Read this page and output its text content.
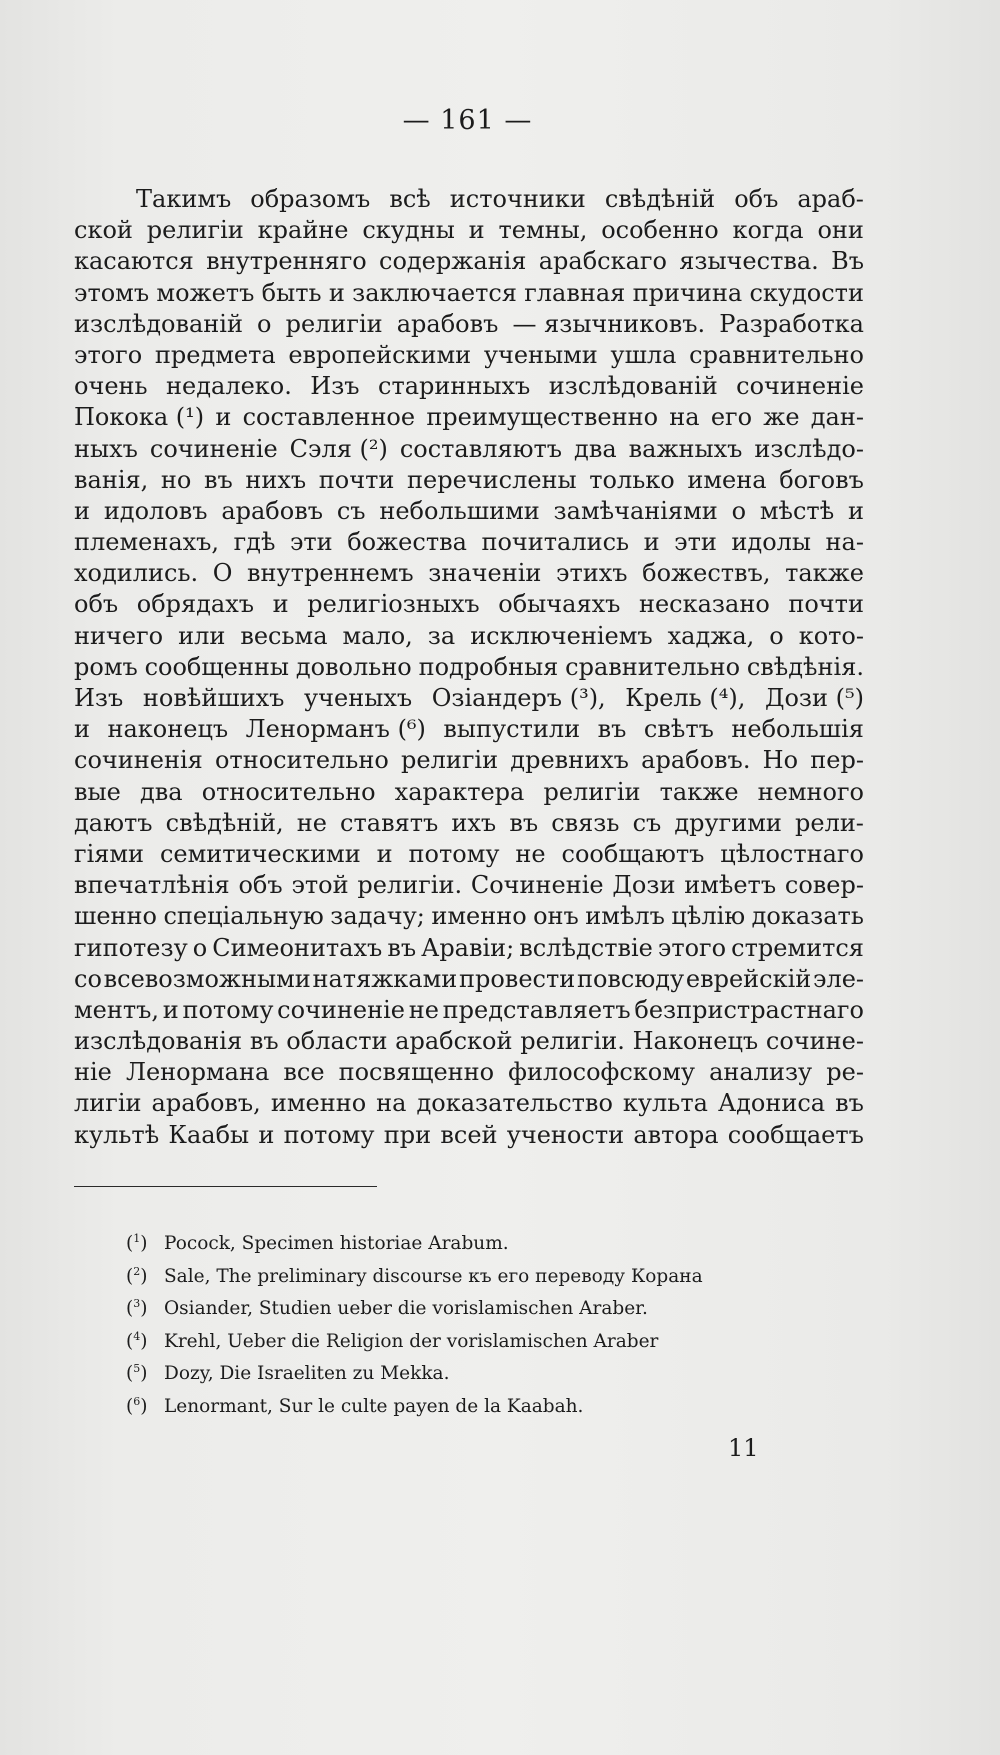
— 161 —
Такимъ образомъ всѣ источники свѣдѣній объ араб-
ской религіи крайне скудны и темны, особенно когда они
касаются внутренняго содержанія арабскаго язычества. Въ
этомъ можетъ быть и заключается главная причина скудости
изслѣдованій о религіи арабовъ — язычниковъ. Разработка
этого предмета европейскими учеными ушла сравнительно
очень недалеко. Изъ старинныхъ изслѣдованій сочиненіе
Покока (¹) и составленное преимущественно на его же дан-
ныхъ сочиненіе Сэля (²) составляютъ два важныхъ изслѣдо-
ванія, но въ нихъ почти перечислены только имена боговъ
и идоловъ арабовъ съ небольшими замѣчаніями о мѣстѣ и
племенахъ, гдѣ эти божества почитались и эти идолы на-
ходились. О внутреннемъ значеніи этихъ божествъ, также
объ обрядахъ и религіозныхъ обычаяхъ несказано почти
ничего или весьма мало, за исключеніемъ хаджа, о кото-
ромъ сообщенны довольно подробныя сравнительно свѣдѣнія.
Изъ новѣйшихъ ученыхъ Озіандеръ (³), Крель (⁴), Дози (⁵)
и наконецъ Ленорманъ (⁶) выпустили въ свѣтъ небольшія
сочиненія относительно религіи древнихъ арабовъ. Но пер-
вые два относительно характера религіи также немного
даютъ свѣдѣній, не ставятъ ихъ въ связь съ другими рели-
гіями семитическими и потому не сообщаютъ цѣлостнаго
впечатлѣнія объ этой религіи. Сочиненіе Дози имѣетъ совер-
шенно спеціальную задачу; именно онъ имѣлъ цѣлію доказать
гипотезу о Симеонитахъ въ Аравіи; вслѣдствіе этого стремится
со всевозможными натяжками провести повсюду еврейскій эле-
ментъ, и потому сочиненіе не представляетъ безпристрастнаго
изслѣдованія въ области арабской религіи. Наконецъ сочине-
ніе Ленормана все посвященно философскому анализу ре-
лигіи арабовъ, именно на доказательство культа Адониса въ
культѣ Каабы и потому при всей учености автора сообщаетъ
($^1$) Pocock, Specimen historiae Arabum.
($^2$) Sale, The preliminary discourse къ его переводу Корана
($^3$) Osiander, Studien ueber die vorislamischen Araber.
($^4$) Krehl, Ueber die Religion der vorislamischen Araber
($^5$) Dozy, Die Israeliten zu Mekka.
($^6$) Lenormant, Sur le culte payen de la Kaabah.
11
